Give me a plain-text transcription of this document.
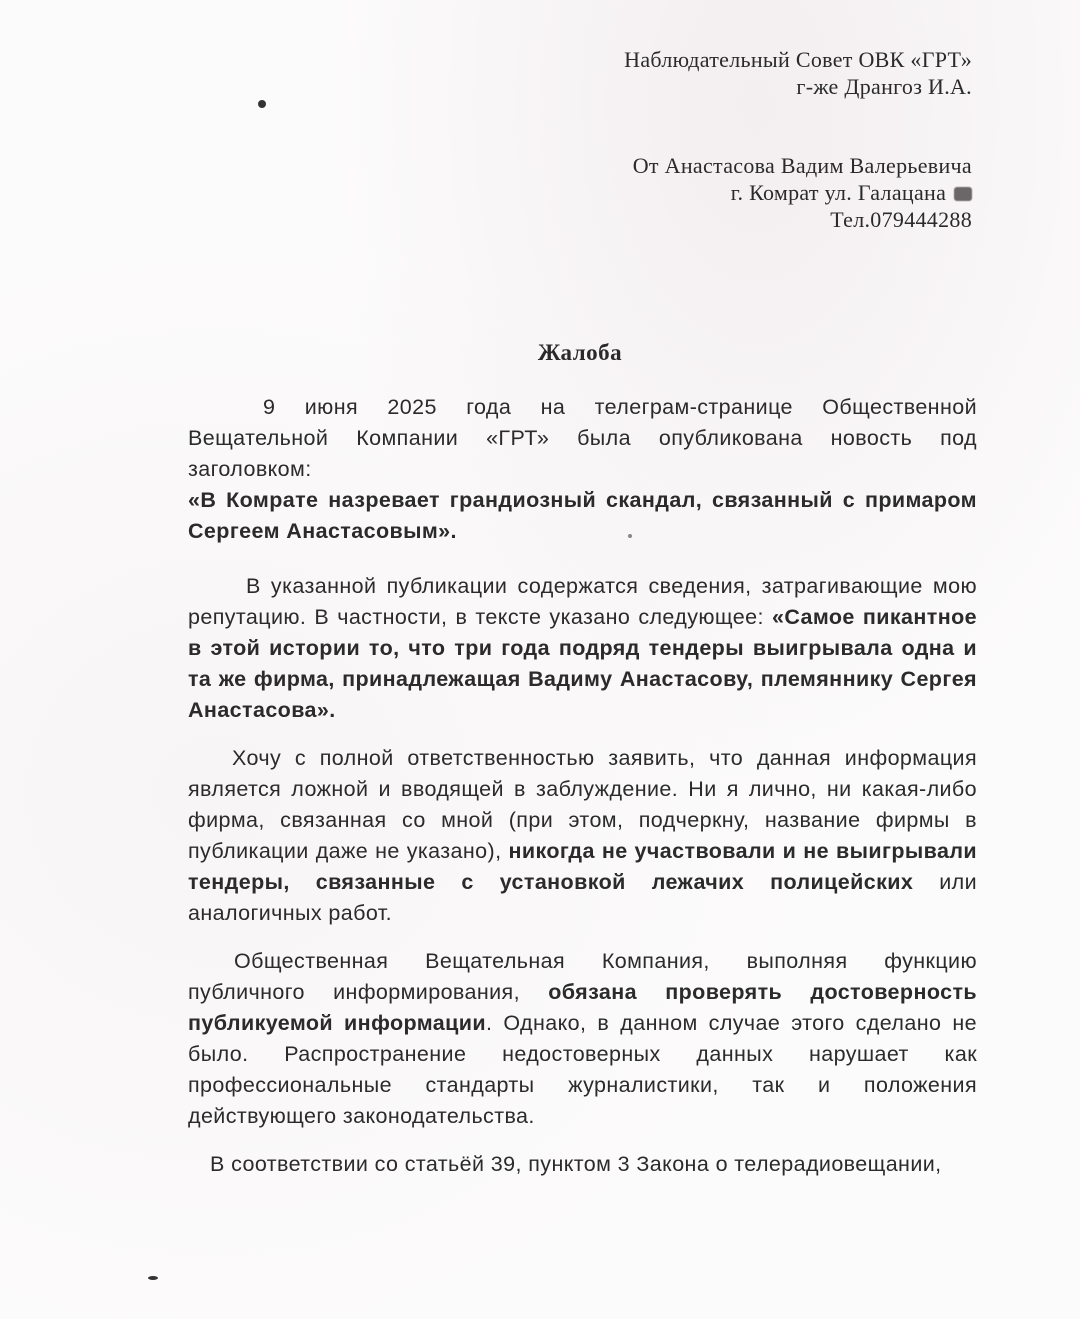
Наблюдательный Совет ОВК «ГРТ»
г-же Дрангоз И.А.
От Анастасова Вадим Валерьевича
г. Комрат ул. Галацана
Тел.079444288
Жалоба

9 июня 2025 года на телеграм-странице Общественной Вещательной Компании «ГРТ» была опубликована новость под заголовком:

«В Комрате назревает грандиозный скандал, связанный с примаром Сергеем Анастасовым».

В указанной публикации содержатся сведения, затрагивающие мою репутацию. В частности, в тексте указано следующее: «Самое пикантное в этой истории то, что три года подряд тендеры выигрывала одна и та же фирма, принадлежащая Вадиму Анастасову, племяннику Сергея Анастасова».

Хочу с полной ответственностью заявить, что данная информация является ложной и вводящей в заблуждение. Ни я лично, ни какая-либо фирма, связанная со мной (при этом, подчеркну, название фирмы в публикации даже не указано), никогда не участвовали и не выигрывали тендеры, связанные с установкой лежачих полицейских или аналогичных работ.

Общественная Вещательная Компания, выполняя функцию публичного информирования, обязана проверять достоверность публикуемой информации. Однако, в данном случае этого сделано не было. Распространение недостоверных данных нарушает как профессиональные стандарты журналистики, так и положения действующего законодательства.

В соответствии со статьёй 39, пунктом 3 Закона о телерадиовещании,
